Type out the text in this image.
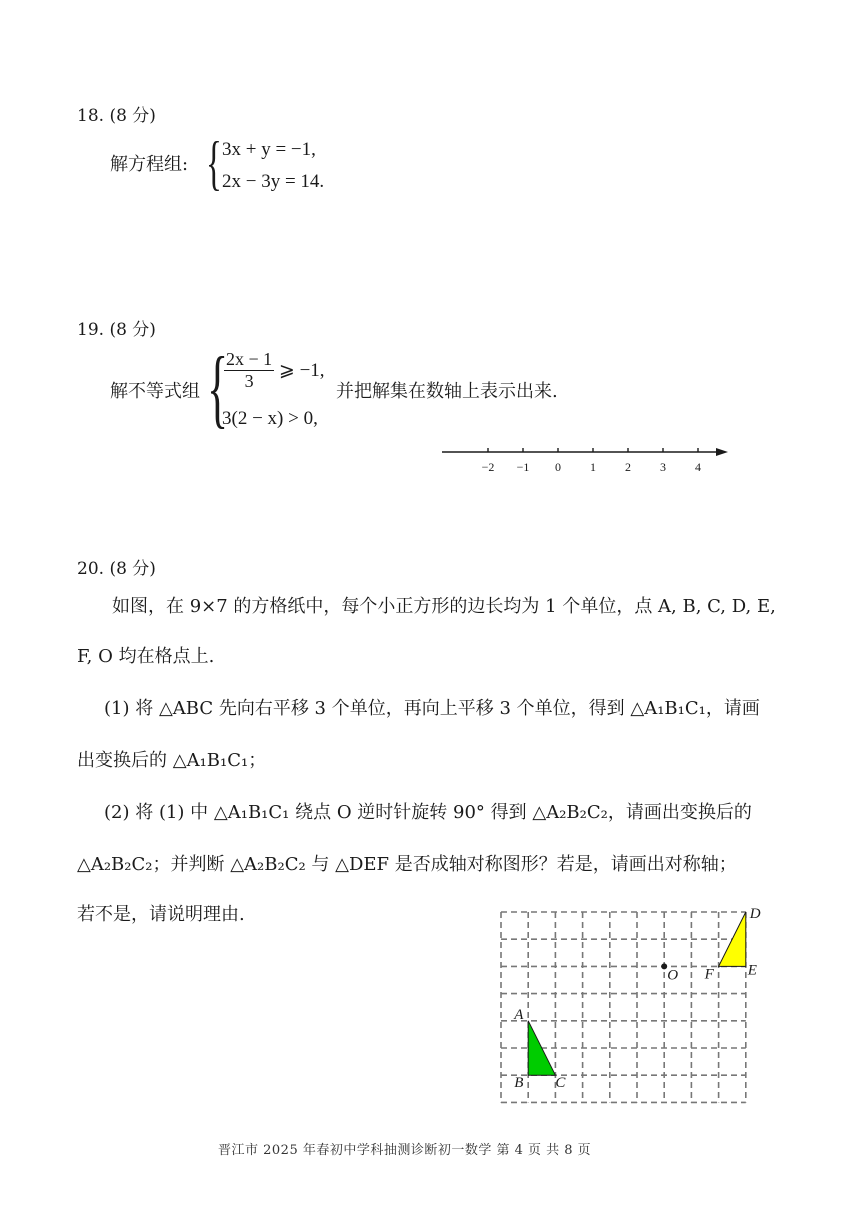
18. (8 分)
解方程组: { 3x + y = −1,
2x − 3y = 14.
19. (8 分)
解不等式组 {
$\frac{2x - 1}{3}$ ⩾ −1,
3(2 − x) > 0,
并把解集在数轴上表示出来.
−2 −1 0 1 2 3 4
20. (8 分)
如图，在 9×7 的方格纸中，每个小正方形的边长均为 1 个单位，点 A, B, C, D, E,
F, O 均在格点上.
(1) 将 △ABC 先向右平移 3 个单位，再向上平移 3 个单位，得到 △A₁B₁C₁，请画
出变换后的 △A₁B₁C₁；
(2) 将 (1) 中 △A₁B₁C₁ 绕点 O 逆时针旋转 90° 得到 △A₂B₂C₂，请画出变换后的
△A₂B₂C₂；并判断 △A₂B₂C₂ 与 △DEF 是否成轴对称图形？若是，请画出对称轴；
若不是，请说明理由.
A
B C
D
E
F
O
晋江市 2025 年春初中学科抽测诊断初一数学 第 4 页 共 8 页
